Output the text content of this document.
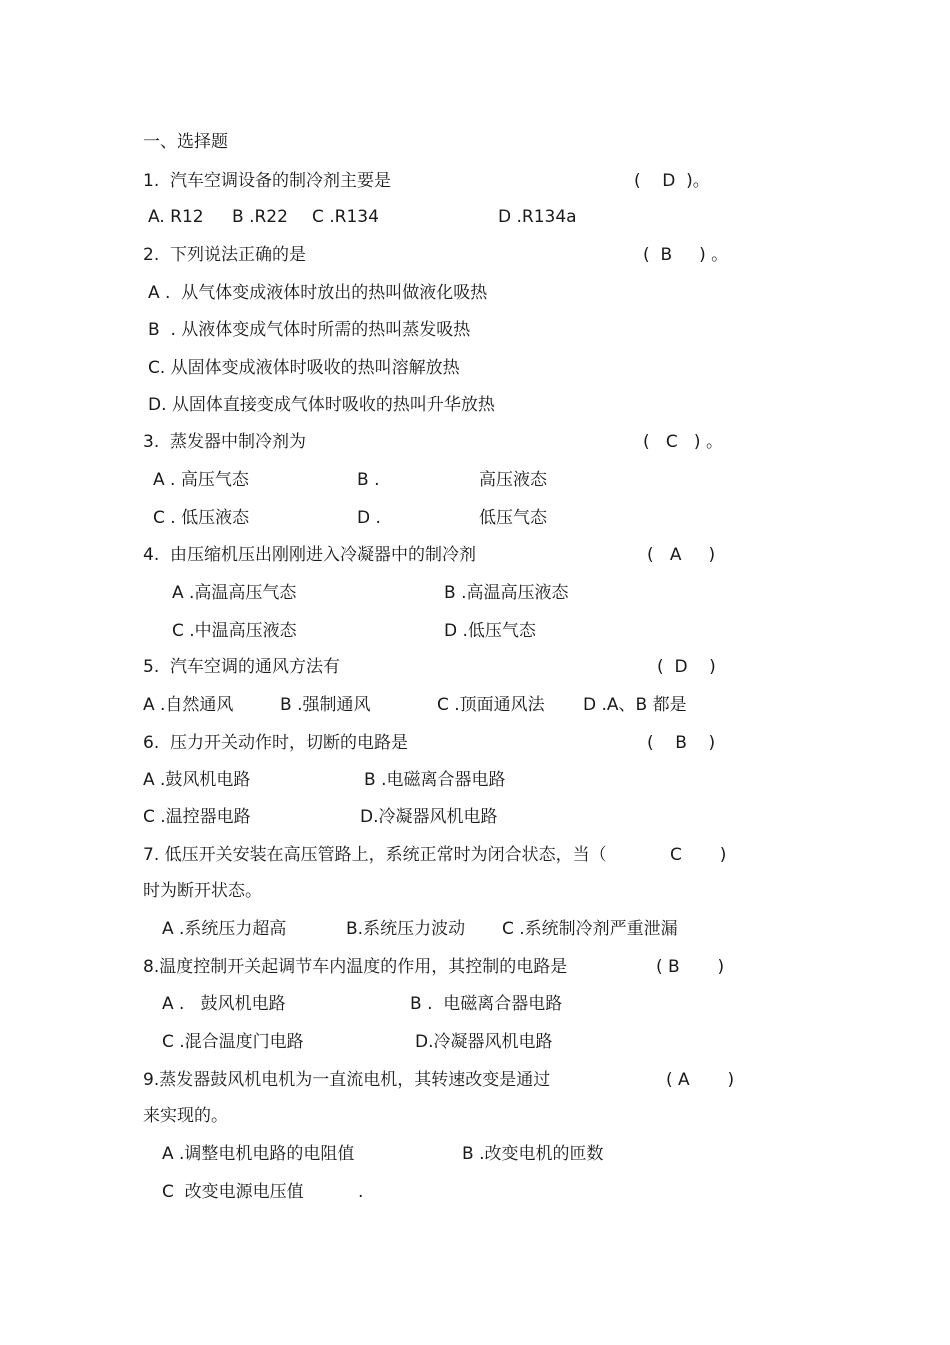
一、选择题

1.  汽车空调设备的制冷剂主要是	(    D  )。

A. R12 B .R22 C .R134	D .R134a

2.  下列说法正确的是	(  B     ) 。

A .  从气体变成液体时放出的热叫做液化吸热

B  . 从液体变成气体时所需的热叫蒸发吸热

C. 从固体变成液体时吸收的热叫溶解放热

D. 从固体直接变成气体时吸收的热叫升华放热

3.  蒸发器中制冷剂为	(   C   ) 。

A . 高压气态	B .	高压液态

C . 低压液态	D .	低压气态

4.  由压缩机压出刚刚进入冷凝器中的制冷剂	(   A     )

A .高温高压气态	B .高温高压液态

C .中温高压液态	D .低压气态

5.  汽车空调的通风方法有	(  D    )

A .自然通风	B .强制通风	C .顶面通风法 D .A、B 都是

6.  压力开关动作时，切断的电路是	(    B    )

A .鼓风机电路	B .电磁离合器电路

C .温控器电路	D.冷凝器风机电路

7. 低压开关安装在高压管路上，系统正常时为闭合状态，当（	C       )

时为断开状态。

A .系统压力超高	B.系统压力波动 C .系统制冷剂严重泄漏

8.温度控制开关起调节车内温度的作用，其控制的电路是	( B       )

A .   鼓风机电路	B .  电磁离合器电路

C .混合温度门电路	D.冷凝器风机电路

9.蒸发器鼓风机电机为一直流电机，其转速改变是通过	( A       )

来实现的。

A .调整电机电路的电阻值	B .改变电机的匝数

C  改变电源电压值	.
